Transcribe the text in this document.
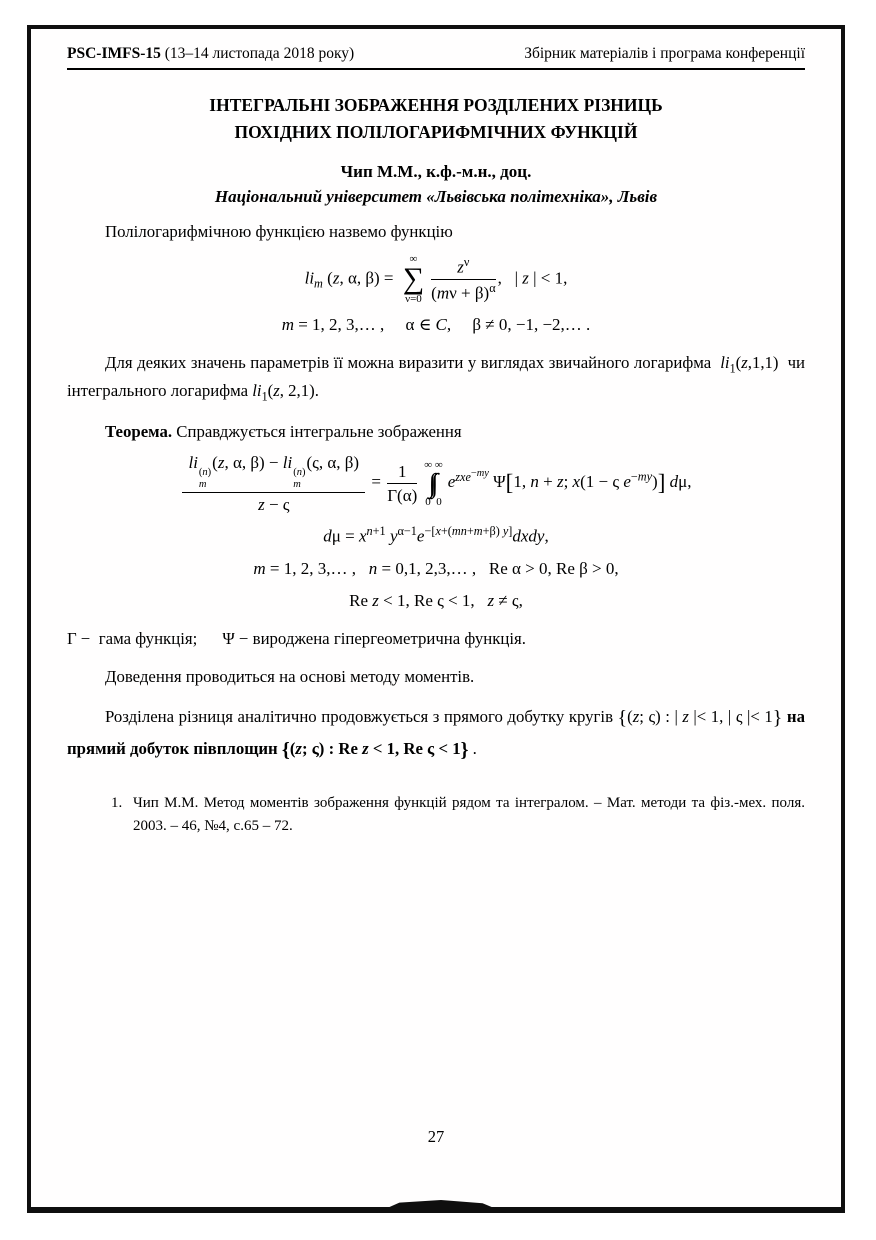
PSC-IMFS-15 (13–14 листопада 2018 року)	Збірник матеріалів і програма конференції
ІНТЕГРАЛЬНІ ЗОБРАЖЕННЯ РОЗДІЛЕНИХ РІЗНИЦЬ
ПОХІДНИХ ПОЛІЛОГАРИФМІЧНИХ ФУНКЦІЙ
Чип М.М., к.ф.-м.н., доц.
Національний університет «Львівська політехніка», Львів

Полілогарифмічною функцією назвемо функцію

$li_m$ (z, α, β) =
∞
∑
$\nu=0 \frac{z^\nu}{(m\nu + \beta)^\alpha}$ ,   | z | < 1,
m = 1, 2, 3,… ,     α ∈ C,     β ≠ 0, −1, −2,… .

Для деяких значень параметрів її можна виразити у виглядах звичайного логарифма  $li_1(z,1,1)$  чи інтегрального логарифма $li_1(z$, 2,1).

Теорема. Справджується інтегральне зображення

li
(n)
m
(z, α, β) − li
(n)
m
(ς, α, β)
$z - \varsigma = \frac{1}{\Gamma(\alpha)}$ ∞ ∞
∫∫
0  0
$e^{zxe^{-my}}$ Ψ[1, n + z; x(1 − ς $e^{-my}$)] dμ,
$d\mu = x^{n+1}$ $y^{\alpha-1}e^{-[x+(mn+m+\beta) y]}dxdy$,
m = 1, 2, 3,… ,   n = 0,1, 2,3,… ,   Re α > 0, Re β > 0,
Re z < 1, Re ς < 1,   z ≠ ς,

Γ −  гама функція;      Ψ − вироджена гіпергеометрична функція.

Доведення проводиться на основі методу моментів.

Розділена різниця аналітично продовжується з прямого добутку кругів {(z; ς) : | z |< 1, | ς |< 1} на прямий добуток півплощин {(z; ς) : Re z < 1, Re ς < 1} .

1. Чип М.М. Метод моментів зображення функцій рядом та інтегралом. – Мат. методи та фіз.-мех. поля. 2003. – 46, №4, с.65 – 72.
27
